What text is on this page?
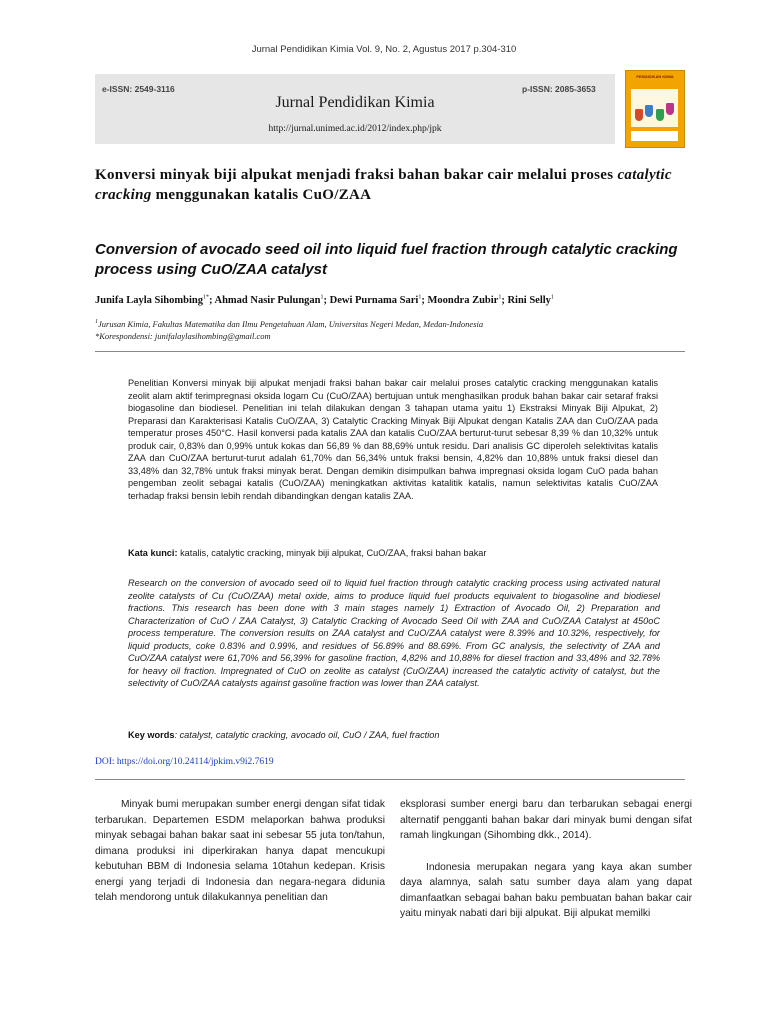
Jurnal Pendidikan Kimia Vol. 9, No. 2, Agustus 2017 p.304-310
e-ISSN: 2549-3116	p-ISSN: 2085-3653
Jurnal Pendidikan Kimia
http://jurnal.unimed.ac.id/2012/index.php/jpk
PENDIDIKAN KIMIA
Konversi minyak biji alpukat menjadi fraksi bahan bakar cair melalui proses catalytic cracking menggunakan katalis CuO/ZAA
Conversion of avocado seed oil into liquid fuel fraction through catalytic cracking process using CuO/ZAA catalyst
Junifa Layla Sihombing$^{1*}$; Ahmad Nasir Pulungan$^1$; Dewi Purnama Sari$^1$; Moondra Zubir$^1$; Rini Selly$^1$
$^1$Jurusan Kimia, Fakultas Matematika dan Ilmu Pengetahuan Alam, Universitas Negeri Medan, Medan-Indonesia
*Korespondensi: junifalaylasihombing@gmail.com
Penelitian Konversi minyak biji alpukat menjadi fraksi bahan bakar cair melalui proses catalytic cracking menggunakan katalis zeolit alam aktif terimpregnasi oksida logam Cu (CuO/ZAA) bertujuan untuk menghasilkan produk bahan bakar cair setaraf fraksi biogasoline dan biodiesel. Penelitian ini telah dilakukan dengan 3 tahapan utama yaitu 1) Ekstraksi Minyak Biji Alpukat, 2) Preparasi dan Karakterisasi Katalis CuO/ZAA, 3) Catalytic Cracking Minyak Biji Alpukat dengan Katalis ZAA dan CuO/ZAA pada temperatur proses 450°C. Hasil konversi pada katalis ZAA dan katalis CuO/ZAA berturut-turut sebesar 8,39 % dan 10,32% untuk produk cair, 0,83% dan 0,99% untuk kokas dan 56,89 % dan 88,69% untuk residu. Dari analisis GC diperoleh selektivitas katalis ZAA dan CuO/ZAA berturut-turut adalah 61,70% dan 56,34% untuk fraksi bensin, 4,82% dan 10,88% untuk fraksi diesel dan 33,48% dan 32,78% untuk fraksi minyak berat. Dengan demikin disimpulkan bahwa impregnasi oksida logam CuO pada bahan pengemban zeolit sebagai katalis (CuO/ZAA) meningkatkan aktivitas katalitik katalis, namun selektivitas katalis CuO/ZAA terhadap fraksi bensin lebih rendah dibandingkan dengan katalis ZAA.
Kata kunci: katalis, catalytic cracking, minyak biji alpukat, CuO/ZAA, fraksi bahan bakar
Research on the conversion of avocado seed oil to liquid fuel fraction through catalytic cracking process using activated natural zeolite catalysts of Cu (CuO/ZAA) metal oxide, aims to produce liquid fuel products equivalent to biogasoline and biodiesel fractions. This research has been done with 3 main stages namely 1) Extraction of Avocado Oil, 2) Preparation and Characterization of CuO / ZAA Catalyst, 3) Catalytic Cracking of Avocado Seed Oil with ZAA and CuO/ZAA Catalyst at 450oC process temperature. The conversion results on ZAA catalyst and CuO/ZAA catalyst were 8.39% and 10.32%, respectively, for liquid products, coke 0.83% and 0.99%, and residues of 56.89% and 88.69%. From GC analysis, the selectivity of ZAA and CuO/ZAA catalyst were 61,70% and 56,39% for gasoline fraction, 4,82% and 10,88% for diesel fraction and 33,48% and 32.78% for heavy oil fraction. Impregnated of CuO on zeolite as catalyst (CuO/ZAA) increased the catalytic activity of catalyst, but the selectivity of CuO/ZAA catalysts against gasoline fraction was lower than ZAA catalyst.
Key words: catalyst, catalytic cracking, avocado oil, CuO / ZAA, fuel fraction
DOI: https://doi.org/10.24114/jpkim.v9i2.7619

Minyak bumi merupakan sumber energi dengan sifat tidak terbarukan. Departemen ESDM melaporkan bahwa produksi minyak sebagai bahan bakar saat ini sebesar 55 juta ton/tahun, dimana produksi ini diperkirakan hanya dapat mencukupi kebutuhan BBM di Indonesia selama 10tahun kedepan. Krisis energi yang terjadi di Indonesia dan negara-negara didunia telah mendorong untuk dilakukannya penelitian dan

eksplorasi sumber energi baru dan terbarukan sebagai energi alternatif pengganti bahan bakar dari minyak bumi dengan sifat ramah lingkungan (Sihombing dkk., 2014).

Indonesia merupakan negara yang kaya akan sumber daya alamnya, salah satu sumber daya alam yang dapat dimanfaatkan sebagai bahan baku pembuatan bahan bakar cair yaitu minyak nabati dari biji alpukat. Biji alpukat memilki
